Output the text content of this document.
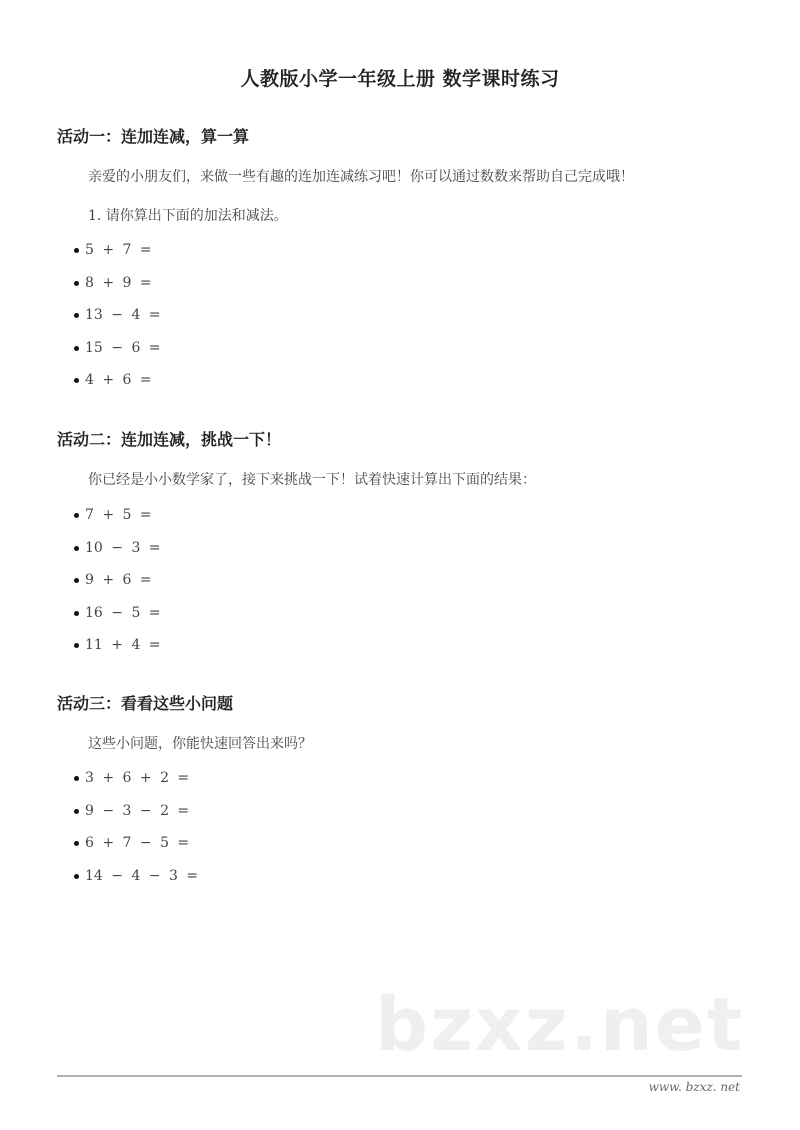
人教版小学一年级上册 数学课时练习
活动一：连加连减，算一算
亲爱的小朋友们，来做一些有趣的连加连减练习吧！你可以通过数数来帮助自己完成哦！
1. 请你算出下面的加法和减法。
5 + 7 =
8 + 9 =
13 − 4 =
15 − 6 =
4 + 6 =
活动二：连加连减，挑战一下！
你已经是小小数学家了，接下来挑战一下！试着快速计算出下面的结果：
7 + 5 =
10 − 3 =
9 + 6 =
16 − 5 =
11 + 4 =
活动三：看看这些小问题
这些小问题，你能快速回答出来吗？
3 + 6 + 2 =
9 − 3 − 2 =
6 + 7 − 5 =
14 − 4 − 3 =
bzxz.net
www. bzxz. net
